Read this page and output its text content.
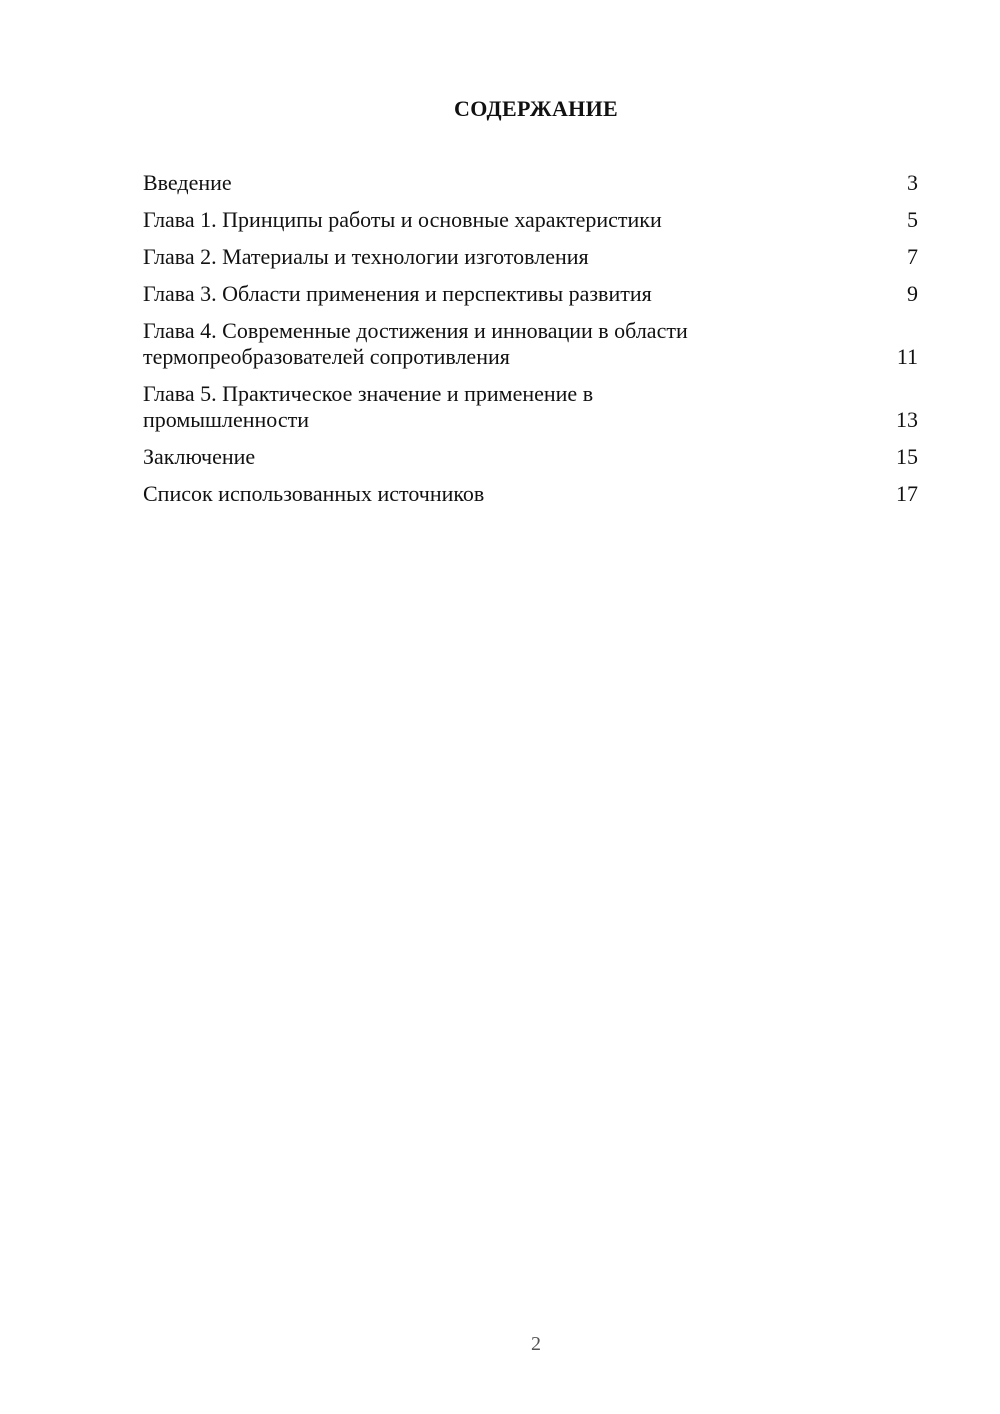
СОДЕРЖАНИЕ
Введение	3
Глава 1. Принципы работы и основные характеристики	5
Глава 2. Материалы и технологии изготовления	7
Глава 3. Области применения и перспективы развития	9
Глава 4. Современные достижения и инновации в области
термопреобразователей сопротивления	11
Глава 5. Практическое значение и применение в
промышленности	13
Заключение	15
Список использованных источников	17
2
